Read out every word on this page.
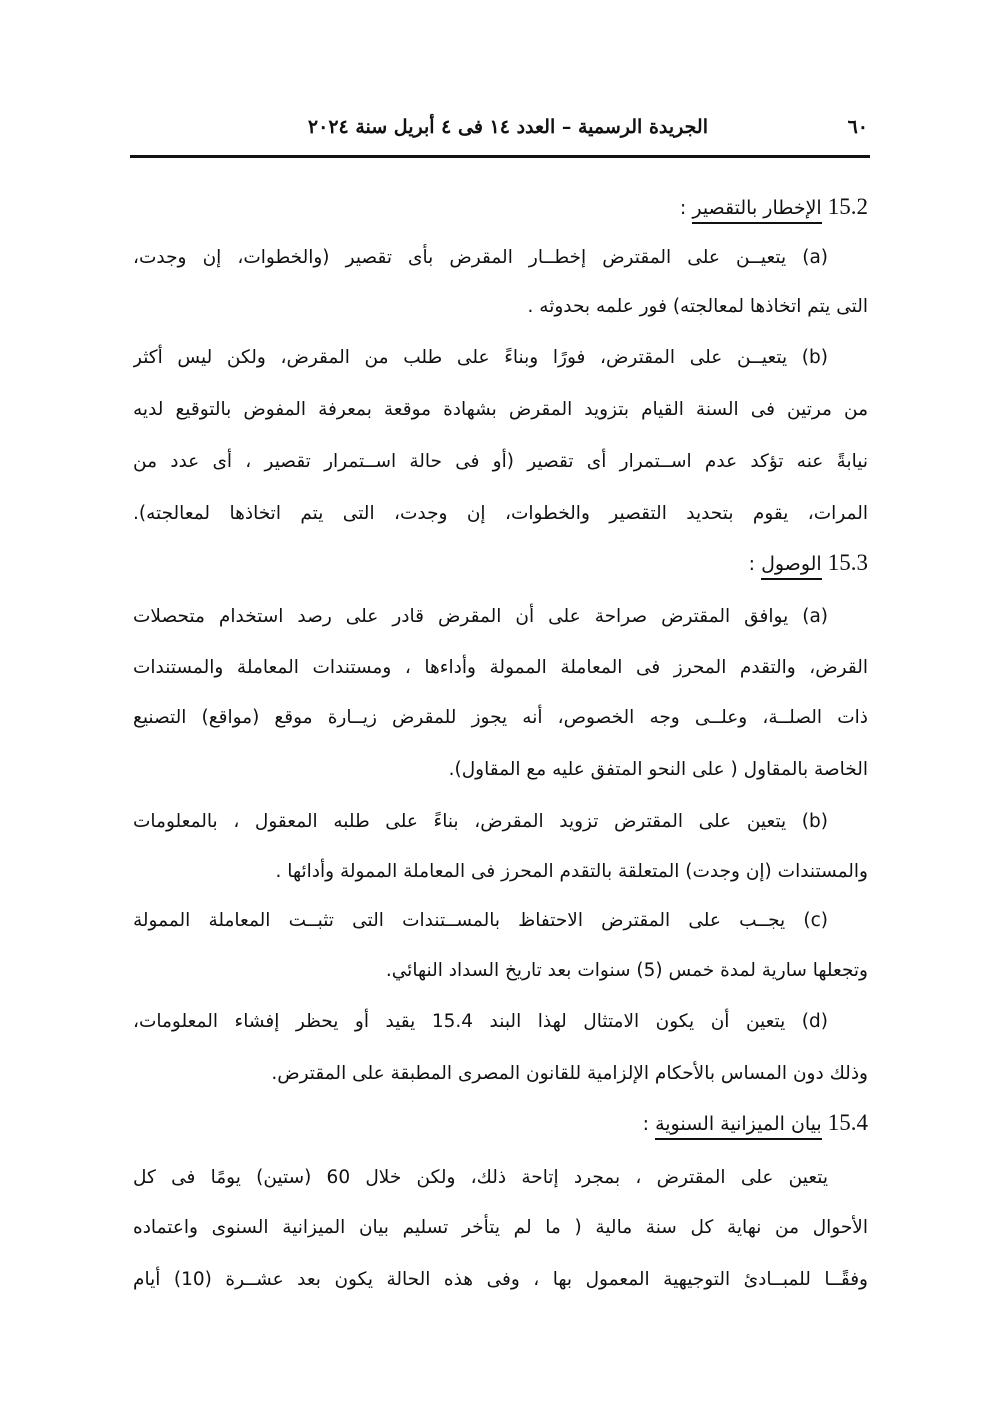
٦٠
الجريدة الرسمية – العدد ١٤ فى ٤ أبريل سنة ٢٠٢٤
15.2 الإخطار بالتقصير :
(a) يتعيــن على المقترض إخطــار المقرض بأى تقصير (والخطوات، إن وجدت،
التى يتم اتخاذها لمعالجته) فور علمه بحدوثه .
(b) يتعيــن على المقترض، فورًا وبناءً على طلب من المقرض، ولكن ليس أكثر
من مرتين فى السنة القيام بتزويد المقرض بشهادة موقعة بمعرفة المفوض بالتوقيع لديه
نيابةً عنه تؤكد عدم اســتمرار أى تقصير (أو فى حالة اســتمرار تقصير ، أى عدد من
المرات، يقوم بتحديد التقصير والخطوات، إن وجدت، التى يتم اتخاذها لمعالجته).
15.3 الوصول :
(a) يوافق المقترض صراحة على أن المقرض قادر على رصد استخدام متحصلات
القرض، والتقدم المحرز فى المعاملة الممولة وأداءها ، ومستندات المعاملة والمستندات
ذات الصلــة، وعلــى وجه الخصوص، أنه يجوز للمقرض زيــارة موقع (مواقع) التصنيع
الخاصة بالمقاول ( على النحو المتفق عليه مع المقاول).
(b) يتعين على المقترض تزويد المقرض، بناءً على طلبه المعقول ، بالمعلومات
والمستندات (إن وجدت) المتعلقة بالتقدم المحرز فى المعاملة الممولة وأدائها .
(c) يجــب على المقترض الاحتفاظ بالمســتندات التى تثبــت المعاملة الممولة
وتجعلها سارية لمدة خمس (5) سنوات بعد تاريخ السداد النهائي.
(d) يتعين أن يكون الامتثال لهذا البند 15.4 يقيد أو يحظر إفشاء المعلومات،
وذلك دون المساس بالأحكام الإلزامية للقانون المصرى المطبقة على المقترض.
15.4 بيان الميزانية السنوية :
يتعين على المقترض ، بمجرد إتاحة ذلك، ولكن خلال 60 (ستين) يومًا فى كل
الأحوال من نهاية كل سنة مالية ( ما لم يتأخر تسليم بيان الميزانية السنوى واعتماده
وفقًــا للمبــادئ التوجيهية المعمول بها ، وفى هذه الحالة يكون بعد عشــرة (10) أيام
